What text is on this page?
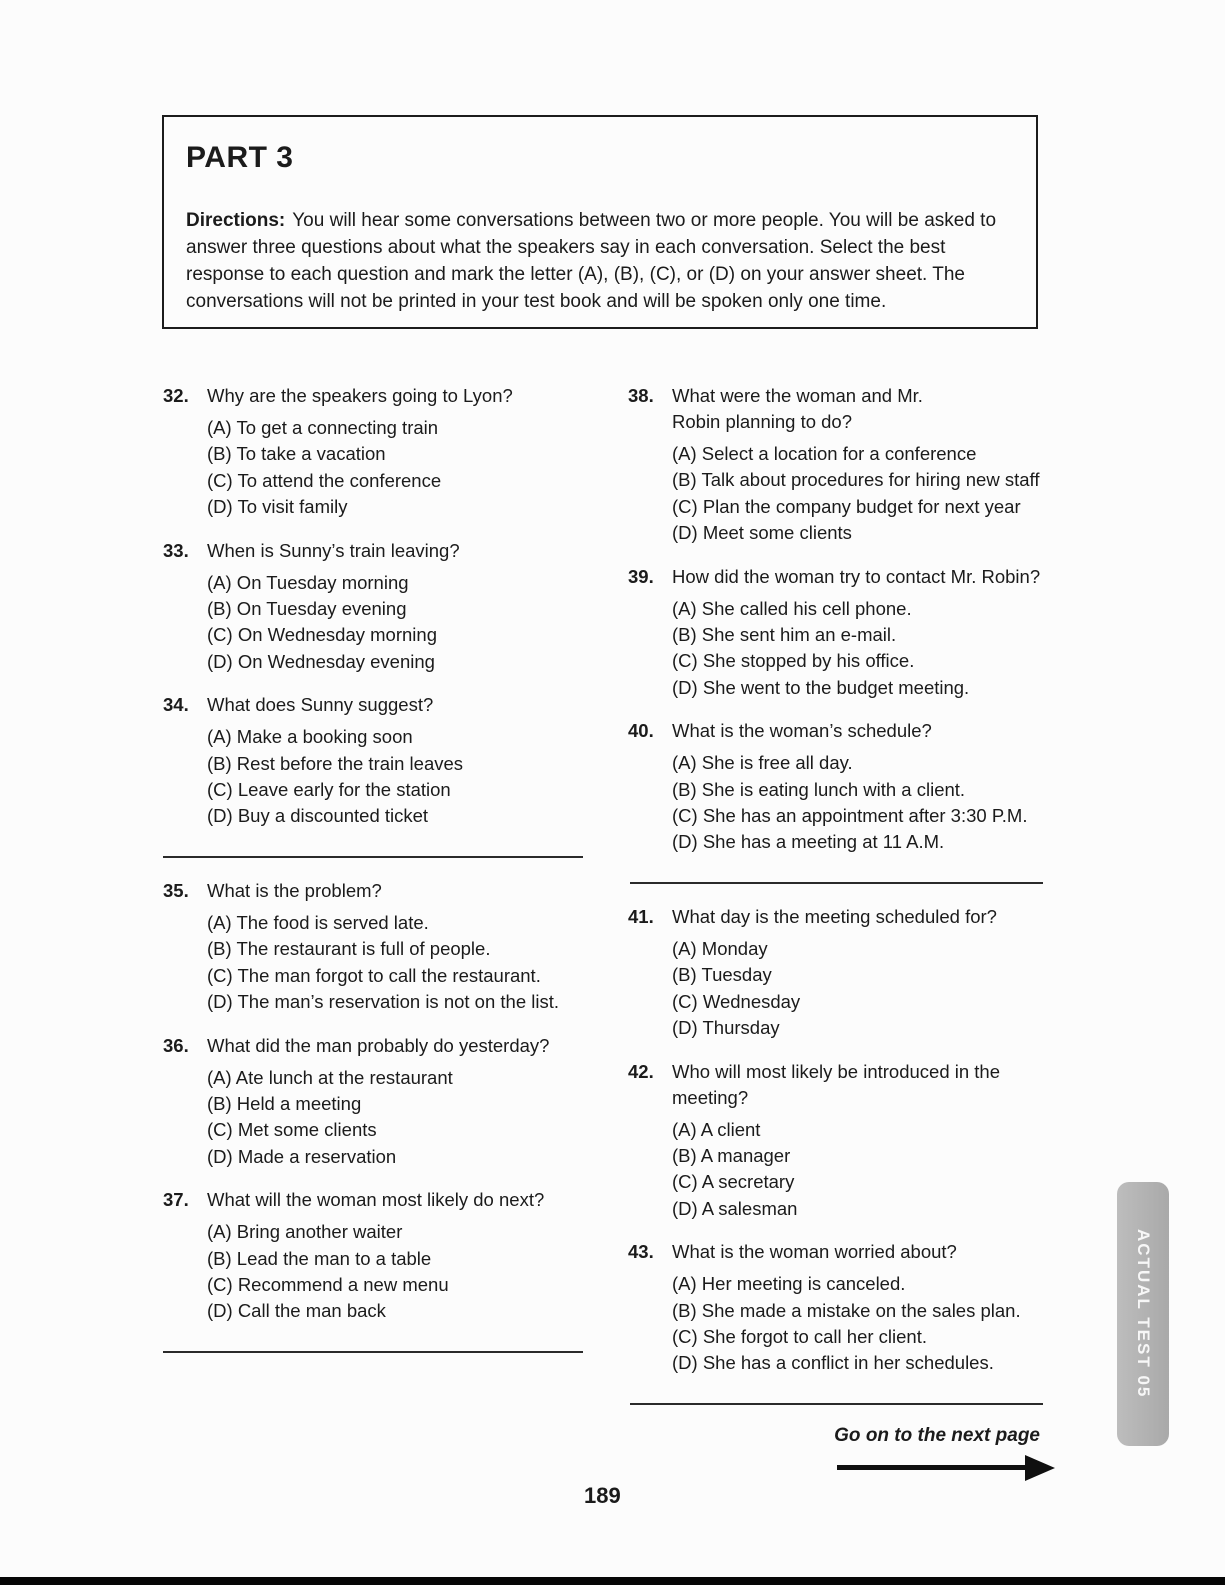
PART 3

Directions: You will hear some conversations between two or more people. You will be asked to answer three questions about what the speakers say in each conversation. Select the best response to each question and mark the letter (A), (B), (C), or (D) on your answer sheet. The conversations will not be printed in your test book and will be spoken only one time.

32. Why are the speakers going to Lyon?
(A) To get a connecting train
(B) To take a vacation
(C) To attend the conference
(D) To visit family
33. When is Sunny’s train leaving?
(A) On Tuesday morning
(B) On Tuesday evening
(C) On Wednesday morning
(D) On Wednesday evening
34. What does Sunny suggest?
(A) Make a booking soon
(B) Rest before the train leaves
(C) Leave early for the station
(D) Buy a discounted ticket
35. What is the problem?
(A) The food is served late.
(B) The restaurant is full of people.
(C) The man forgot to call the restaurant.
(D) The man’s reservation is not on the list.
36. What did the man probably do yesterday?
(A) Ate lunch at the restaurant
(B) Held a meeting
(C) Met some clients
(D) Made a reservation
37. What will the woman most likely do next?
(A) Bring another waiter
(B) Lead the man to a table
(C) Recommend a new menu
(D) Call the man back
38. What were the woman and Mr. Robin planning to do?
(A) Select a location for a conference
(B) Talk about procedures for hiring new staff
(C) Plan the company budget for next year
(D) Meet some clients
39. How did the woman try to contact Mr. Robin?
(A) She called his cell phone.
(B) She sent him an e-mail.
(C) She stopped by his office.
(D) She went to the budget meeting.
40. What is the woman’s schedule?
(A) She is free all day.
(B) She is eating lunch with a client.
(C) She has an appointment after 3:30 P.M.
(D) She has a meeting at 11 A.M.
41. What day is the meeting scheduled for?
(A) Monday
(B) Tuesday
(C) Wednesday
(D) Thursday
42. Who will most likely be introduced in the meeting?
(A) A client
(B) A manager
(C) A secretary
(D) A salesman
43. What is the woman worried about?
(A) Her meeting is canceled.
(B) She made a mistake on the sales plan.
(C) She forgot to call her client.
(D) She has a conflict in her schedules.

Go on to the next page

189
ACTUAL TEST 05
